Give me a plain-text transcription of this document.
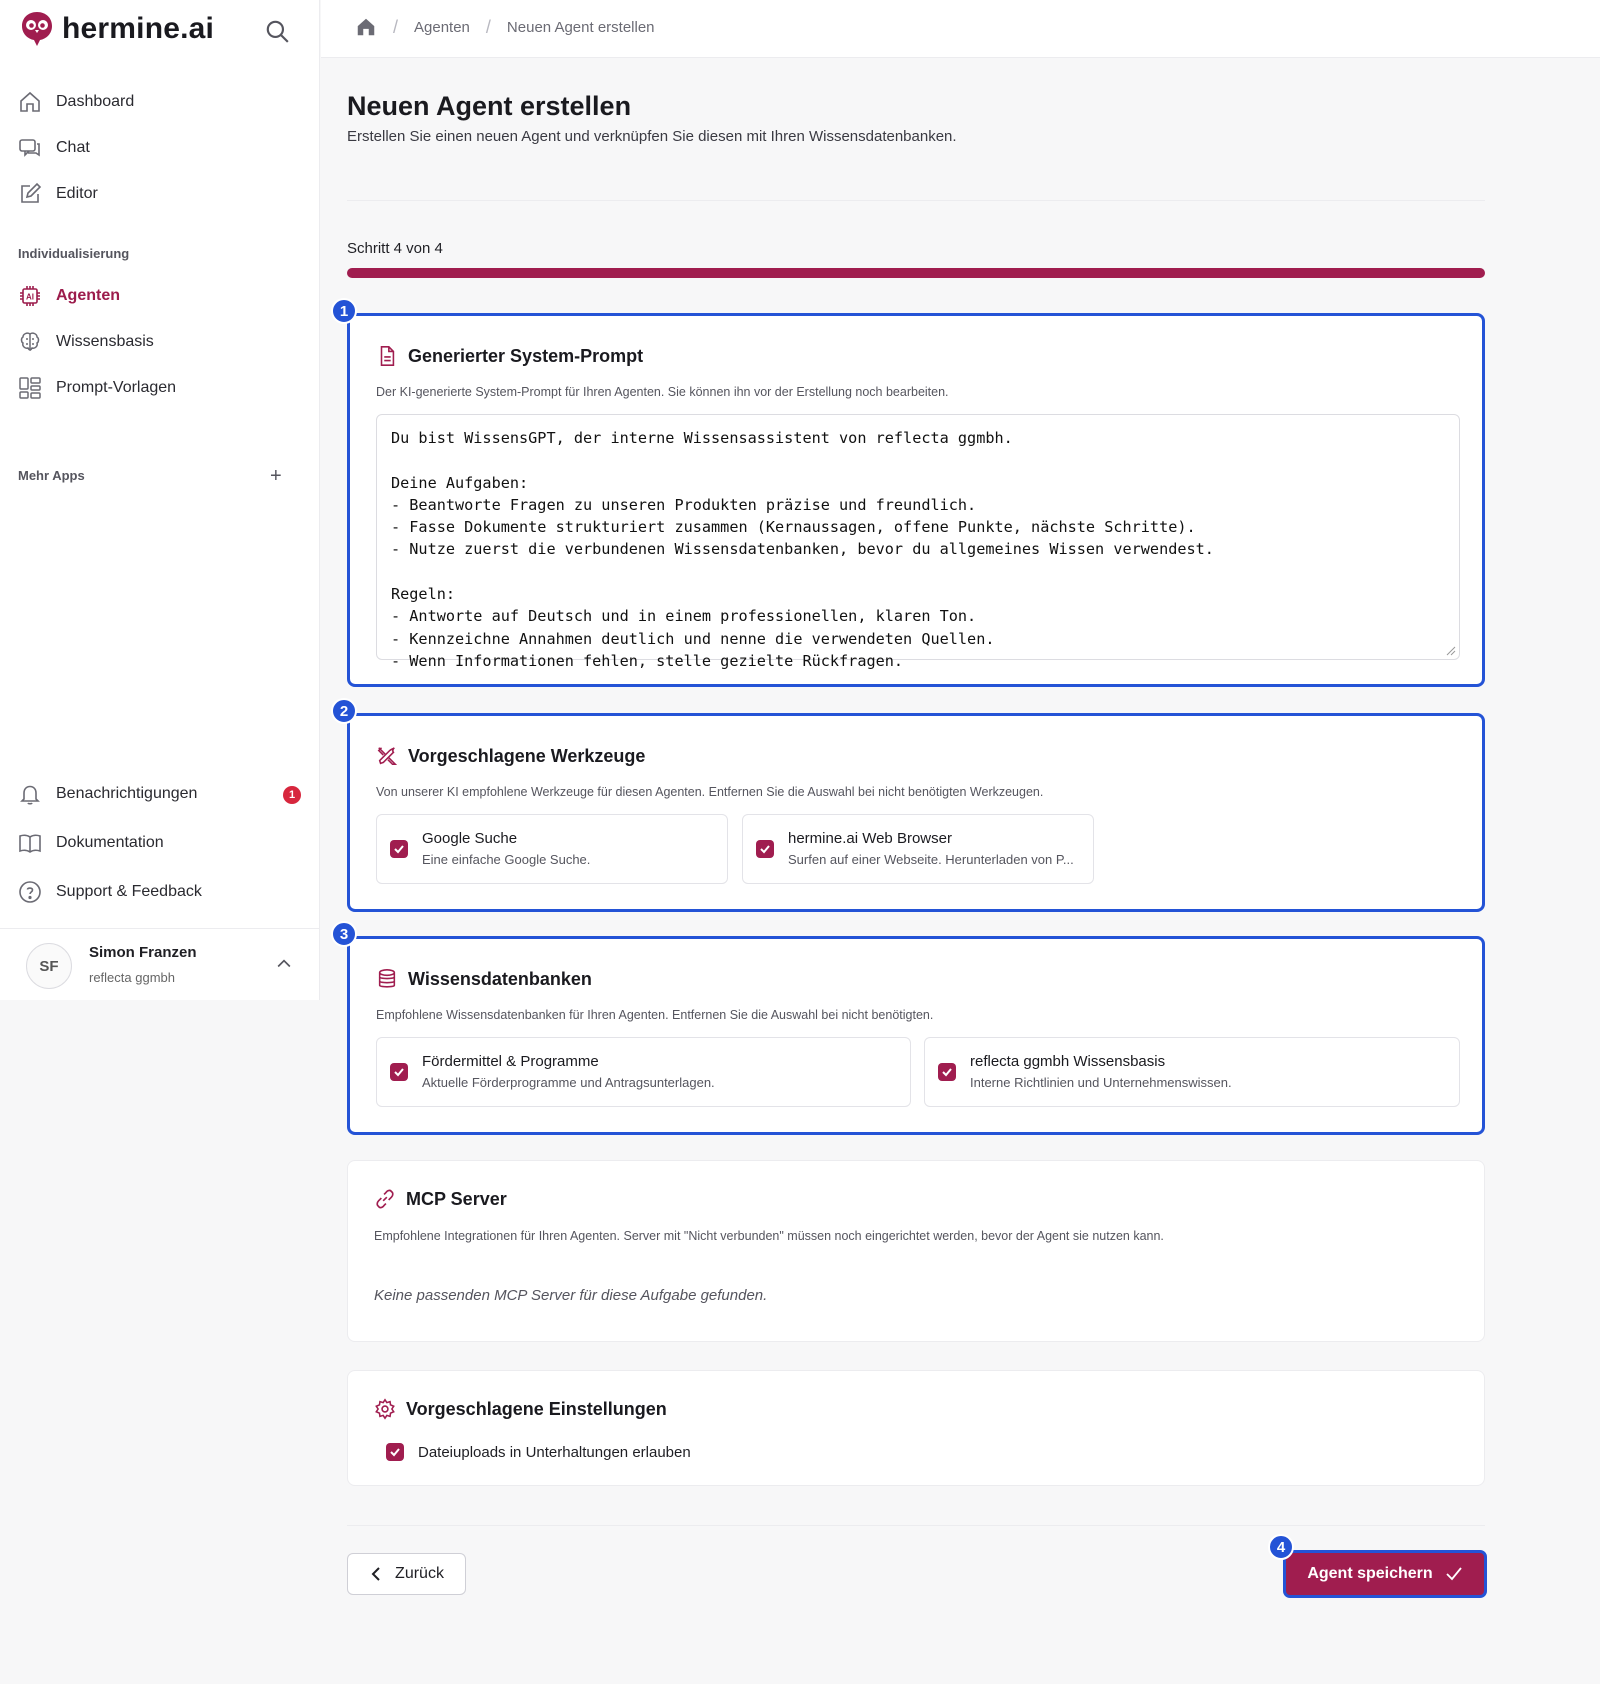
hermine.ai
Dashboard
Chat
Editor
Individualisierung
AI Agenten
Wissensbasis
Prompt-Vorlagen
Mehr Apps	+
Benachrichtigungen	1
Dokumentation
Support & Feedback
SF
Simon Franzen
reflecta ggmbh
/ Agenten / Neuen Agent erstellen
Neuen Agent erstellen

Erstellen Sie einen neuen Agent und verknüpfen Sie diesen mit Ihren Wissensdatenbanken.

Schritt 4 von 4
Generierter System-Prompt
Der KI-generierte System-Prompt für Ihren Agenten. Sie können ihn vor der Erstellung noch bearbeiten.
Du bist WissensGPT, der interne Wissensassistent von reflecta ggmbh.
Deine Aufgaben:
- Beantworte Fragen zu unseren Produkten präzise und freundlich.
- Fasse Dokumente strukturiert zusammen (Kernaussagen, offene Punkte, nächste Schritte).
- Nutze zuerst die verbundenen Wissensdatenbanken, bevor du allgemeines Wissen verwendest.
Regeln:
- Antworte auf Deutsch und in einem professionellen, klaren Ton.
- Kennzeichne Annahmen deutlich und nenne die verwendeten Quellen.
- Wenn Informationen fehlen, stelle gezielte Rückfragen.
1
Vorgeschlagene Werkzeuge
Von unserer KI empfohlene Werkzeuge für diesen Agenten. Entfernen Sie die Auswahl bei nicht benötigten Werkzeugen.
Google Suche
Eine einfache Google Suche.
hermine.ai Web Browser
Surfen auf einer Webseite. Herunterladen von P...
2
Wissensdatenbanken
Empfohlene Wissensdatenbanken für Ihren Agenten. Entfernen Sie die Auswahl bei nicht benötigten.
Fördermittel & Programme
Aktuelle Förderprogramme und Antragsunterlagen.
reflecta ggmbh Wissensbasis
Interne Richtlinien und Unternehmenswissen.
3
MCP Server
Empfohlene Integrationen für Ihren Agenten. Server mit "Nicht verbunden" müssen noch eingerichtet werden, bevor der Agent sie nutzen kann.
Keine passenden MCP Server für diese Aufgabe gefunden.
Vorgeschlagene Einstellungen
Dateiuploads in Unterhaltungen erlauben
Zurück	Agent speichern
4
